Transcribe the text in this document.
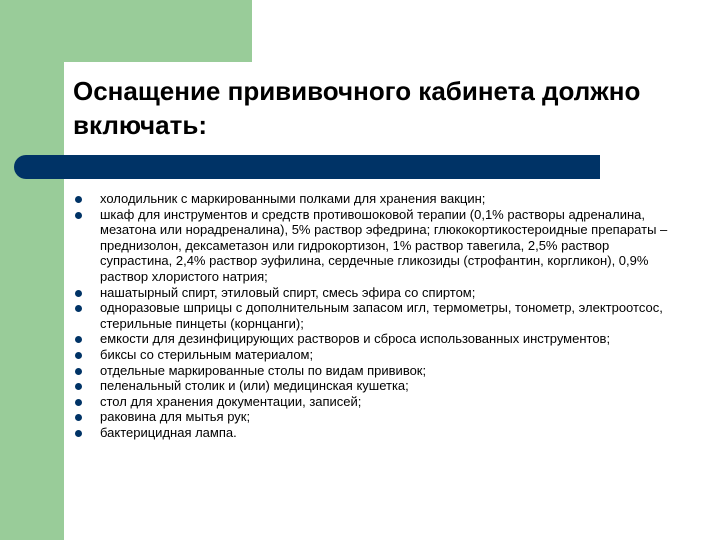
Оснащение прививочного кабинета должно включать:
холодильник с маркированными полками для хранения вакцин;
шкаф для инструментов и средств противошоковой терапии (0,1% растворы адреналина, мезатона или норадреналина), 5% раствор эфедрина; глюкокортикостероидные препараты – преднизолон, дексаметазон или гидрокортизон, 1% раствор тавегила, 2,5% раствор супрастина, 2,4% раствор эуфилина, сердечные гликозиды (строфантин, коргликон), 0,9% раствор хлористого натрия;
нашатырный спирт, этиловый спирт, смесь эфира со спиртом;
одноразовые шприцы с дополнительным запасом игл, термометры, тонометр, электроотсос, стерильные пинцеты (корнцанги);
емкости для дезинфицирующих растворов и сброса использованных инструментов;
биксы со стерильным материалом;
отдельные маркированные столы по видам прививок;
пеленальный столик и (или) медицинская кушетка;
стол для хранения документации, записей;
раковина для мытья рук;
бактерицидная лампа.
